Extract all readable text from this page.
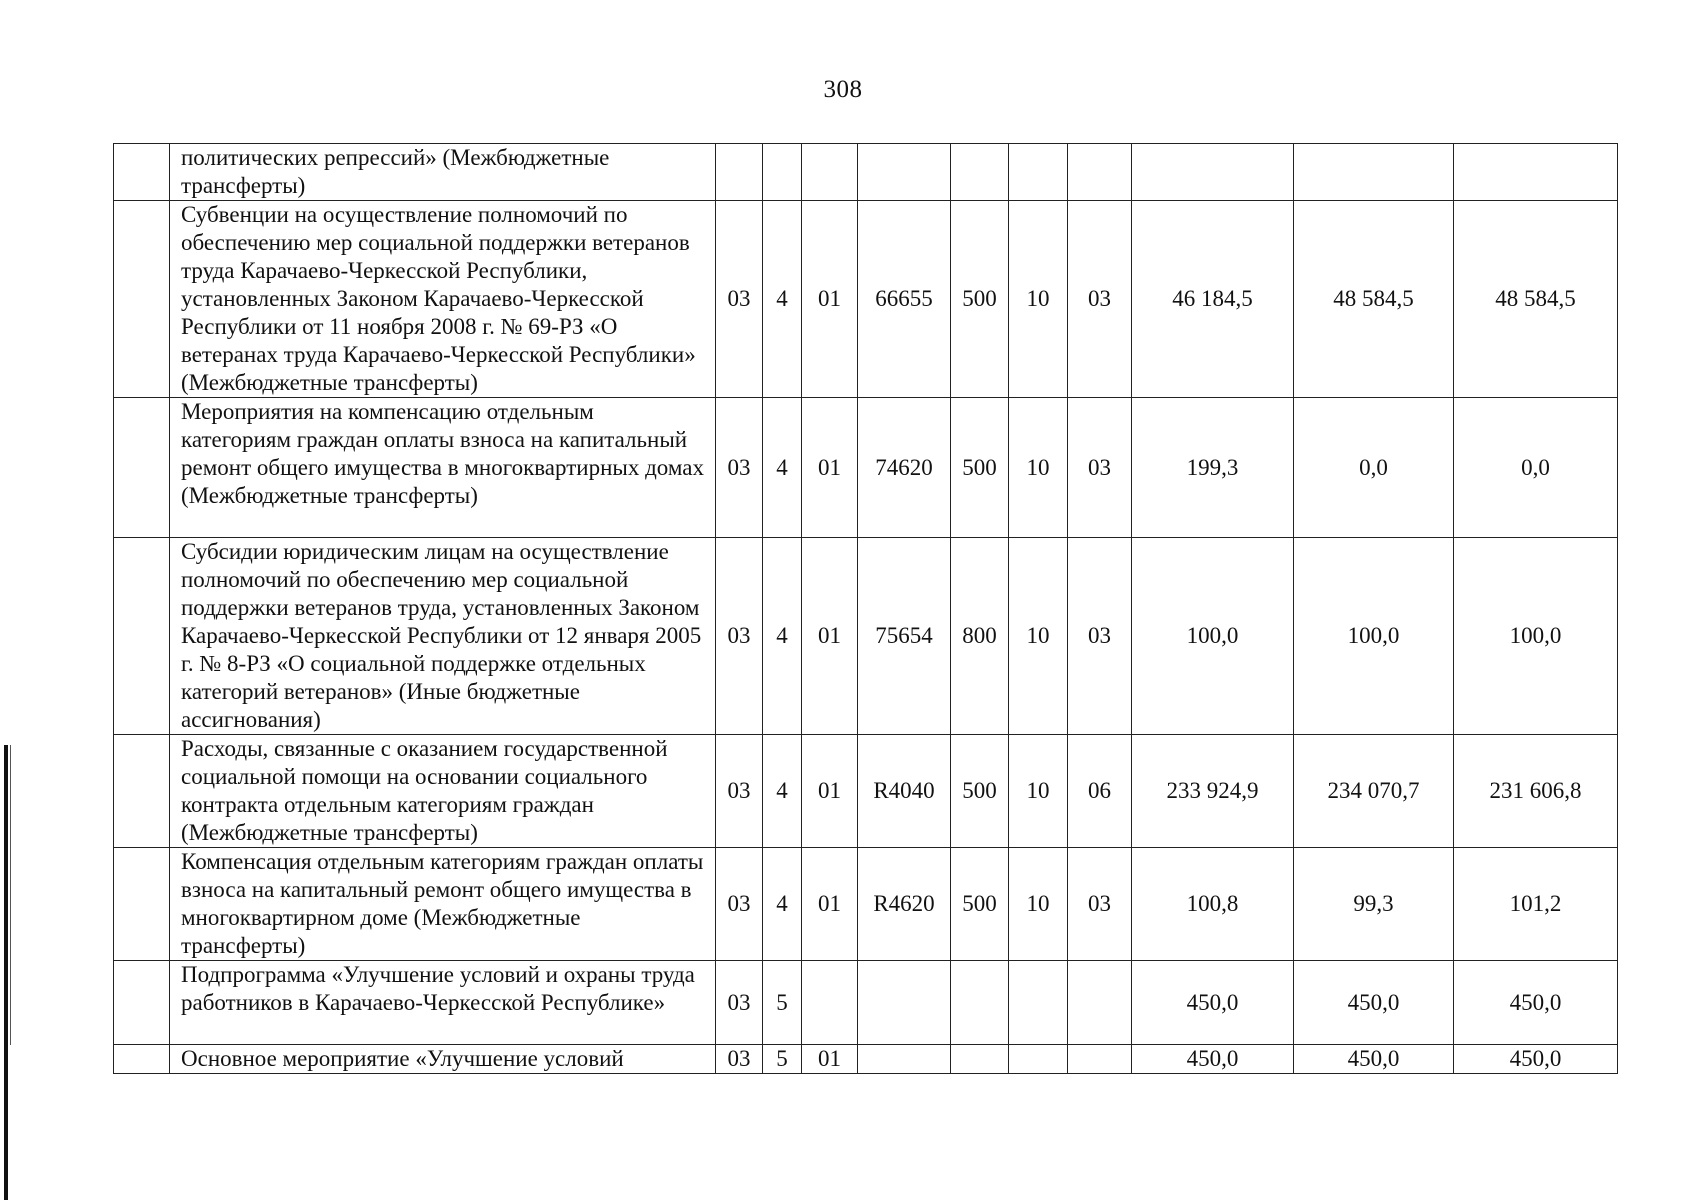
308
	политических репрессий» (Межбюджетные трансферты)										
	Субвенции на осуществление полномочий по обеспечению мер социальной поддержки ветеранов труда Карачаево-Черкесской Республики, установленных Законом Карачаево-Черкесской Республики от 11 ноября 2008 г. № 69-РЗ «О ветеранах труда Карачаево-Черкесской Республики» (Межбюджетные трансферты)	03	4	01	66655	500	10	03	46 184,5	48 584,5	48 584,5
	Мероприятия на компенсацию отдельным категориям граждан оплаты взноса на капитальный ремонт общего имущества в многоквартирных домах (Межбюджетные трансферты)	03	4	01	74620	500	10	03	199,3	0,0	0,0
	Субсидии юридическим лицам на осуществление полномочий по обеспечению мер социальной поддержки ветеранов труда, установленных Законом Карачаево-Черкесской Республики от 12 января 2005 г. № 8-РЗ «О социальной поддержке отдельных категорий ветеранов» (Иные бюджетные ассигнования)	03	4	01	75654	800	10	03	100,0	100,0	100,0
	Расходы, связанные с оказанием государственной социальной помощи на основании социального контракта отдельным категориям граждан (Межбюджетные трансферты)	03	4	01	R4040	500	10	06	233 924,9	234 070,7	231 606,8
	Компенсация отдельным категориям граждан оплаты взноса на капитальный ремонт общего имущества в многоквартирном доме (Межбюджетные трансферты)	03	4	01	R4620	500	10	03	100,8	99,3	101,2
	Подпрограмма «Улучшение условий и охраны труда работников в Карачаево-Черкесской Республике»	03	5						450,0	450,0	450,0
	Основное мероприятие «Улучшение условий	03	5	01					450,0	450,0	450,0
